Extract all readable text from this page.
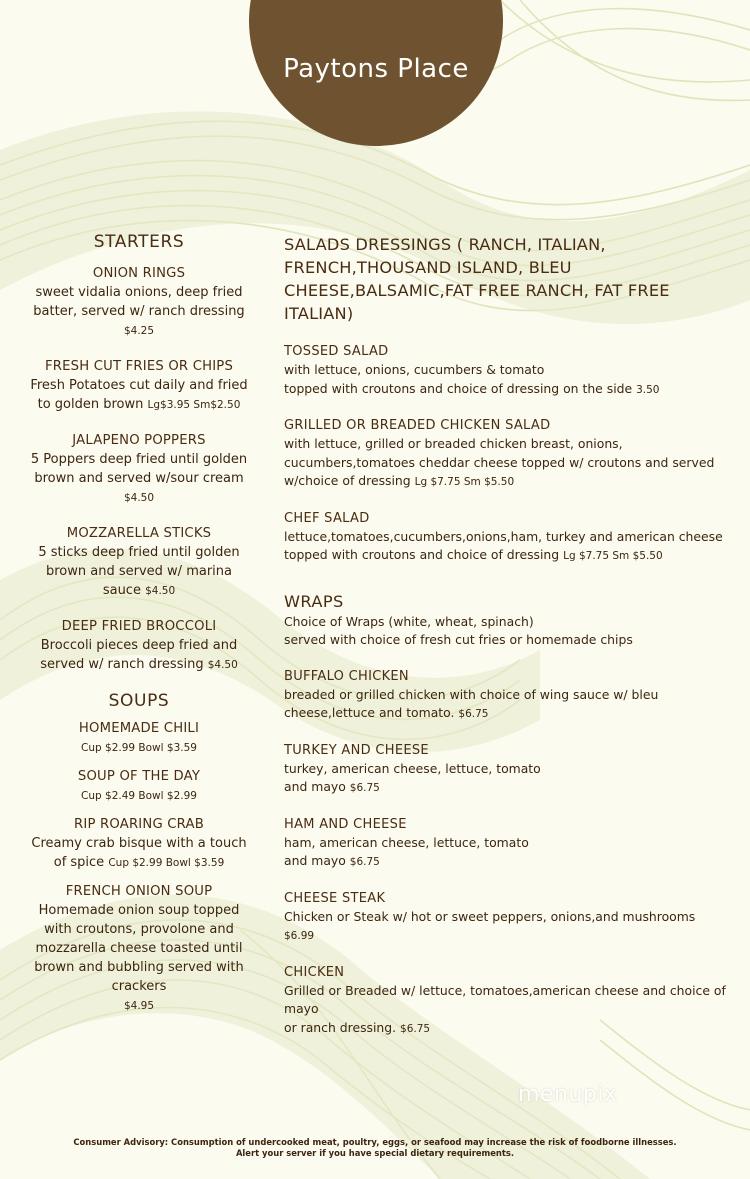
Paytons Place
STARTERS
ONION RINGS
sweet vidalia onions, deep fried batter, served w/ ranch dressing $4.25
FRESH CUT FRIES OR CHIPS
Fresh Potatoes cut daily and fried to golden brown Lg$3.95 Sm$2.50
JALAPENO POPPERS
5 Poppers deep fried until golden brown and served w/sour cream
$4.50
MOZZARELLA STICKS
5 sticks deep fried until golden brown and served w/ marina sauce $4.50
DEEP FRIED BROCCOLI
Broccoli pieces deep fried and served w/ ranch dressing $4.50
SOUPS
HOMEMADE CHILI
Cup $2.99 Bowl $3.59
SOUP OF THE DAY
Cup $2.49 Bowl $2.99
RIP ROARING CRAB
Creamy crab bisque with a touch of spice Cup $2.99 Bowl $3.59
FRENCH ONION SOUP
Homemade onion soup topped with croutons, provolone and mozzarella cheese toasted until brown and bubbling served with crackers
$4.95
SALADS DRESSINGS ( RANCH, ITALIAN, FRENCH,THOUSAND ISLAND, BLEU CHEESE,BALSAMIC,FAT FREE RANCH, FAT FREE ITALIAN)
TOSSED SALAD
with lettuce, onions, cucumbers & tomato
topped with croutons and choice of dressing on the side 3.50
GRILLED OR BREADED CHICKEN SALAD
with lettuce, grilled or breaded chicken breast, onions, cucumbers,tomatoes cheddar cheese topped w/ croutons and served w/choice of dressing Lg $7.75 Sm $5.50
CHEF SALAD
lettuce,tomatoes,cucumbers,onions,ham, turkey and american cheese topped with croutons and choice of dressing Lg $7.75 Sm $5.50
WRAPS
Choice of Wraps (white, wheat, spinach)
served with choice of fresh cut fries or homemade chips
BUFFALO CHICKEN
breaded or grilled chicken with choice of wing sauce w/ bleu cheese,lettuce and tomato. $6.75
TURKEY AND CHEESE
turkey, american cheese, lettuce, tomato
and mayo $6.75
HAM AND CHEESE
ham, american cheese, lettuce, tomato
and mayo $6.75
CHEESE STEAK
Chicken or Steak w/ hot or sweet peppers, onions,and mushrooms
$6.99
CHICKEN
Grilled or Breaded w/ lettuce, tomatoes,american cheese and choice of mayo
or ranch dressing. $6.75
menupix
Consumer Advisory: Consumption of undercooked meat, poultry, eggs, or seafood may increase the risk of foodborne illnesses.
Alert your server if you have special dietary requirements.
